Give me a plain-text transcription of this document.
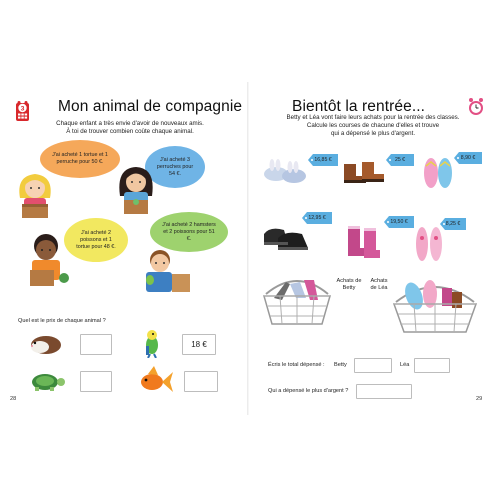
3 Mon animal de compagnie
Chaque enfant a très envie d'avoir de nouveaux amis.
À toi de trouver combien coûte chaque animal.
J'ai acheté 1 tortue et 1 perruche pour 50 €.	J'ai acheté 3 perruches pour 54 €.
J'ai acheté 2 poissons et 1 tortue pour 48 €.
J'ai acheté 2 hamsters et 2 poissons pour 51 €.
Quel est le prix de chaque animal ?
18 €
28
Bientôt la rentrée...
Betty et Léa vont faire leurs achats pour la rentrée des classes.
Calcule les courses de chacune d'elles et trouve
qui a dépensé le plus d'argent.
16,85 €	25 €	8,90 €
12,95 €
19,50 €	8,25 €
Achats de Betty
Achats de Léa
Écris le total dépensé : Betty	Léa
Qui a dépensé le plus d'argent ?
29
